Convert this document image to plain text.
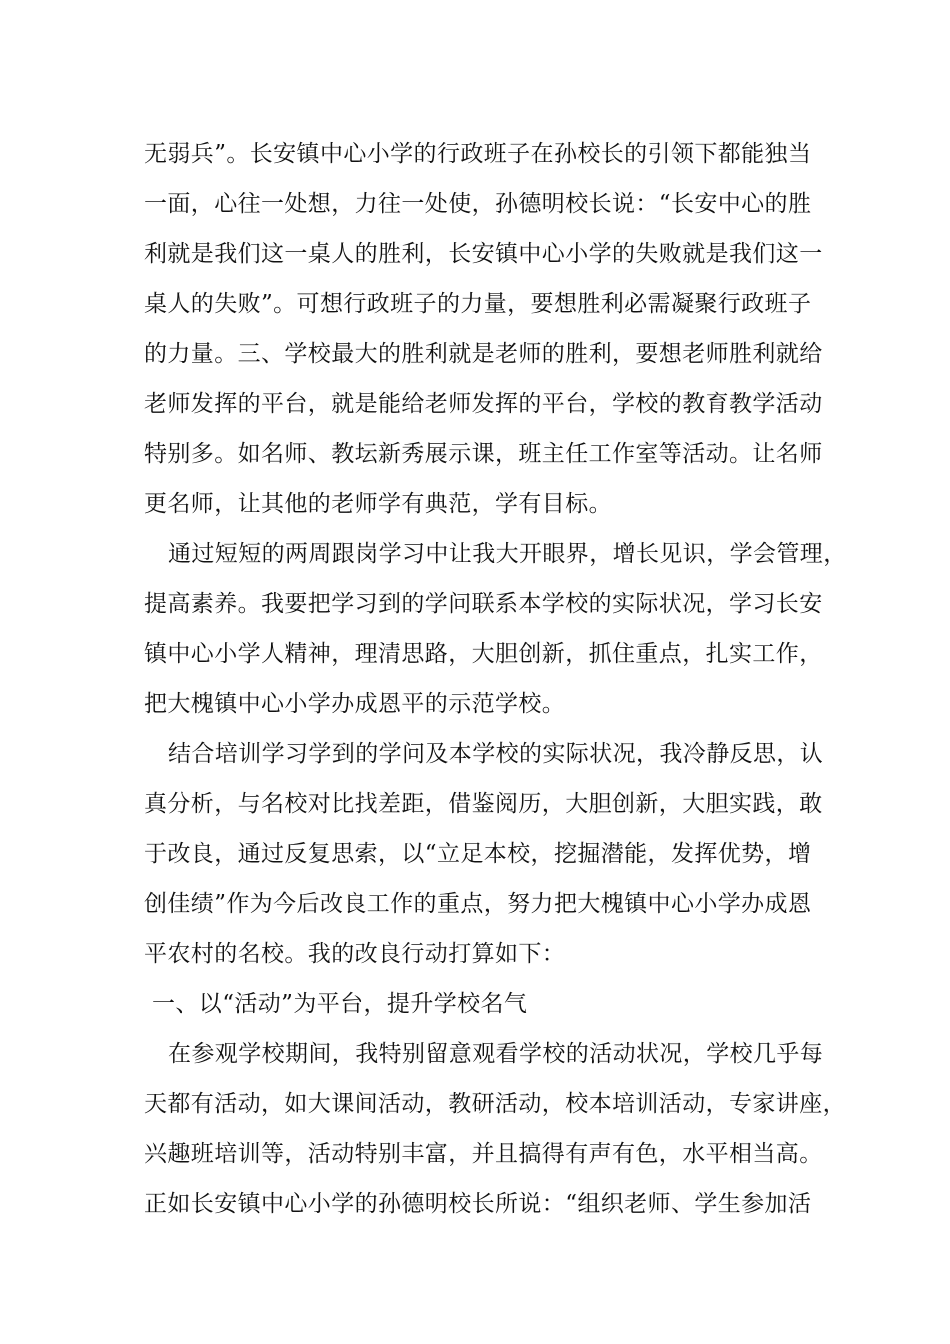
无弱兵”。长安镇中心小学的行政班子在孙校长的引领下都能独当
一面，心往一处想，力往一处使，孙德明校长说：“长安中心的胜
利就是我们这一桌人的胜利，长安镇中心小学的失败就是我们这一
桌人的失败”。可想行政班子的力量，要想胜利必需凝聚行政班子
的力量。三、学校最大的胜利就是老师的胜利，要想老师胜利就给
老师发挥的平台，就是能给老师发挥的平台，学校的教育教学活动
特别多。如名师、教坛新秀展示课，班主任工作室等活动。让名师
更名师，让其他的老师学有典范，学有目标。
通过短短的两周跟岗学习中让我大开眼界，增长见识，学会管理，
提高素养。我要把学习到的学问联系本学校的实际状况，学习长安
镇中心小学人精神，理清思路，大胆创新，抓住重点，扎实工作，
把大槐镇中心小学办成恩平的示范学校。
结合培训学习学到的学问及本学校的实际状况，我冷静反思，认
真分析，与名校对比找差距，借鉴阅历，大胆创新，大胆实践，敢
于改良，通过反复思索，以“立足本校，挖掘潜能，发挥优势，增
创佳绩”作为今后改良工作的重点，努力把大槐镇中心小学办成恩
平农村的名校。我的改良行动打算如下：
一、以“活动”为平台，提升学校名气
在参观学校期间，我特别留意观看学校的活动状况，学校几乎每
天都有活动，如大课间活动，教研活动，校本培训活动，专家讲座，
兴趣班培训等，活动特别丰富，并且搞得有声有色，水平相当高。
正如长安镇中心小学的孙德明校长所说：“组织老师、学生参加活
